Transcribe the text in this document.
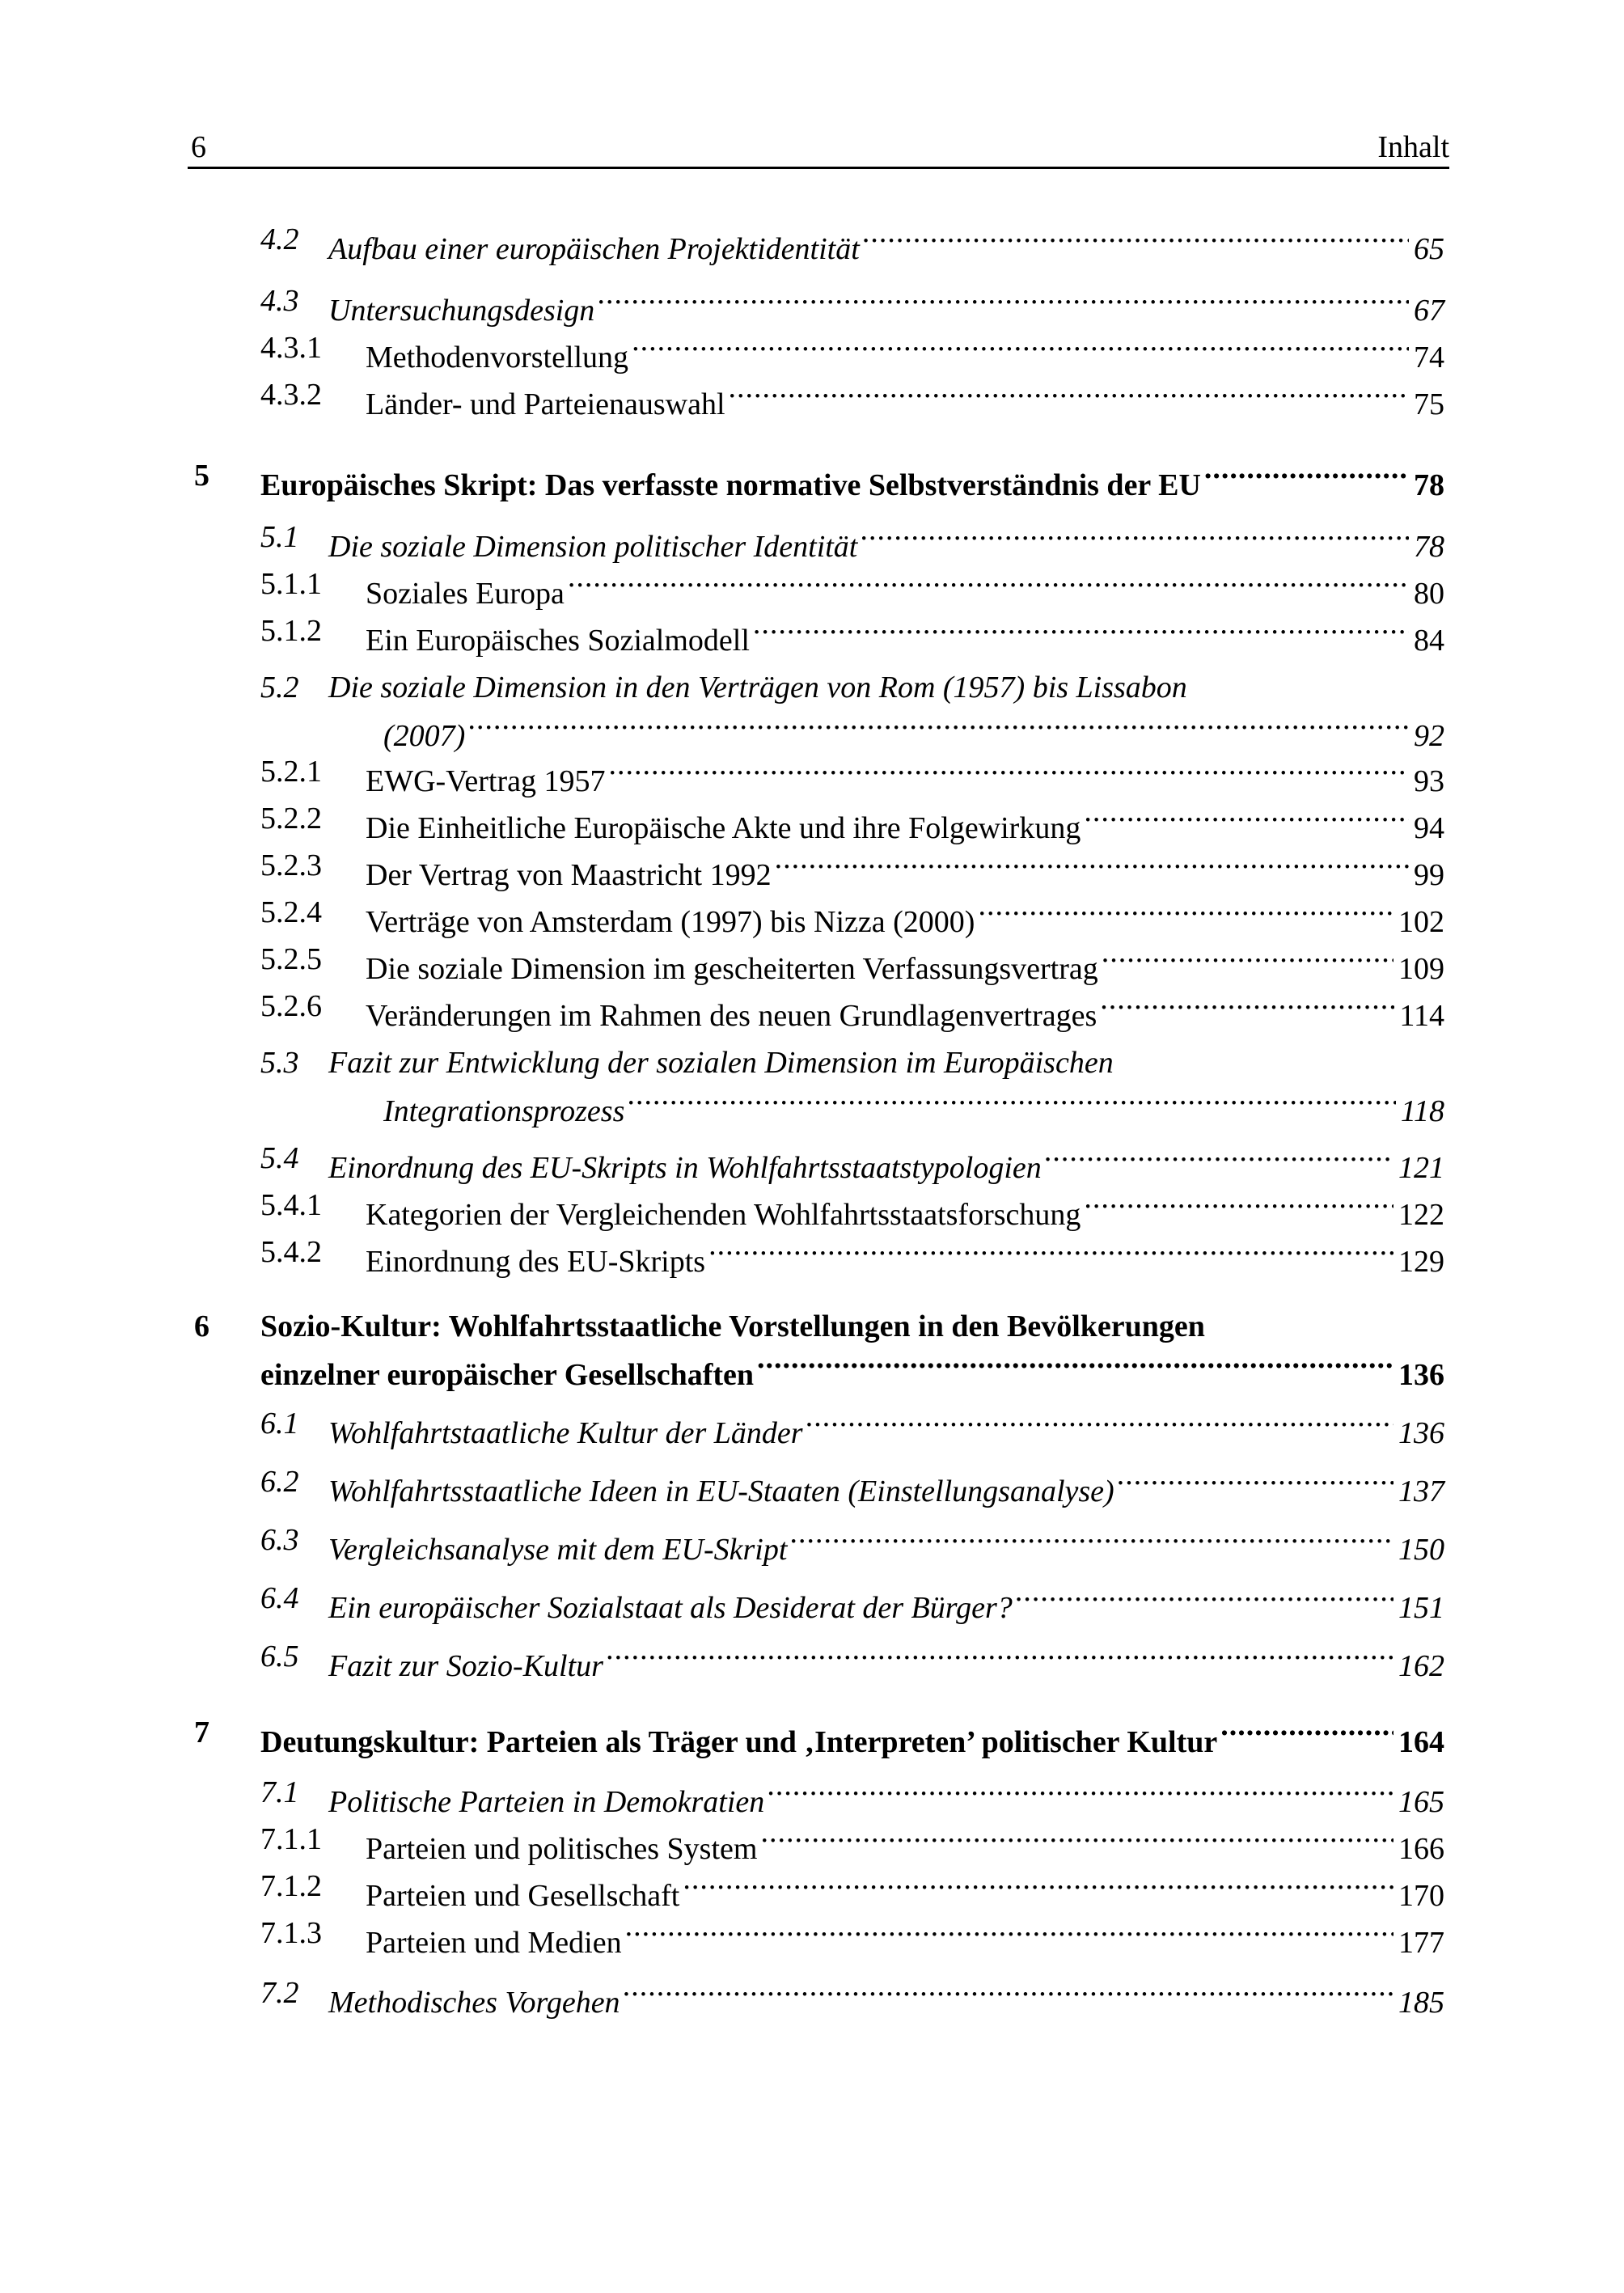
6	Inhalt
4.2 Aufbau einer europäischen Projektidentität .....	65
4.3 Untersuchungsdesign .....	67
4.3.1 Methodenvorstellung .....	74
4.3.2 Länder- und Parteienauswahl .....	75
5 Europäisches Skript: Das verfasste normative Selbstverständnis der EU .....	78
5.1 Die soziale Dimension politischer Identität .....	78
5.1.1 Soziales Europa .....	80
5.1.2 Ein Europäisches Sozialmodell .....	84
5.2 Die soziale Dimension in den Verträgen von Rom (1957) bis Lissabon
(2007) .....	92
5.2.1 EWG-Vertrag 1957 .....	93
5.2.2 Die Einheitliche Europäische Akte und ihre Folgewirkung .....	94
5.2.3 Der Vertrag von Maastricht 1992 .....	99
5.2.4 Verträge von Amsterdam (1997) bis Nizza (2000) .....	102
5.2.5 Die soziale Dimension im gescheiterten Verfassungsvertrag .....	109
5.2.6 Veränderungen im Rahmen des neuen Grundlagenvertrages .....	114
5.3 Fazit zur Entwicklung der sozialen Dimension im Europäischen
Integrationsprozess .....	118
5.4 Einordnung des EU-Skripts in Wohlfahrtsstaatstypologien .....	121
5.4.1 Kategorien der Vergleichenden Wohlfahrtsstaatsforschung .....	122
5.4.2 Einordnung des EU-Skripts .....	129
6 Sozio-Kultur: Wohlfahrtsstaatliche Vorstellungen in den Bevölkerungen
einzelner europäischer Gesellschaften .....	136
6.1 Wohlfahrtstaatliche Kultur der Länder .....	136
6.2 Wohlfahrtsstaatliche Ideen in EU-Staaten (Einstellungsanalyse) .....	137
6.3 Vergleichsanalyse mit dem EU-Skript .....	150
6.4 Ein europäischer Sozialstaat als Desiderat der Bürger? .....	151
6.5 Fazit zur Sozio-Kultur .....	162
7 Deutungskultur: Parteien als Träger und ‚Interpreten’ politischer Kultur .....	164
7.1 Politische Parteien in Demokratien .....	165
7.1.1 Parteien und politisches System .....	166
7.1.2 Parteien und Gesellschaft .....	170
7.1.3 Parteien und Medien .....	177
7.2 Methodisches Vorgehen .....	185
